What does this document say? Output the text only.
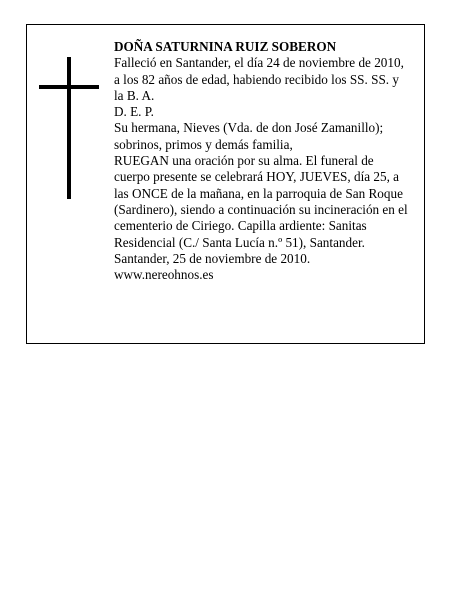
DOÑA SATURNINA RUIZ SOBERON
Falleció en Santander, el día 24 de noviembre de 2010,
a los 82 años de edad, habiendo recibido los SS. SS. y
la B. A.
D. E. P.
Su hermana, Nieves (Vda. de don José Zamanillo);
sobrinos, primos y demás familia,
RUEGAN una oración por su alma. El funeral de
cuerpo presente se celebrará HOY, JUEVES, día 25, a
las ONCE de la mañana, en la parroquia de San Roque
(Sardinero), siendo a continuación su incineración en el
cementerio de Ciriego. Capilla ardiente: Sanitas
Residencial (C./ Santa Lucía n.º 51), Santander.
Santander, 25 de noviembre de 2010.
www.nereohnos.es
